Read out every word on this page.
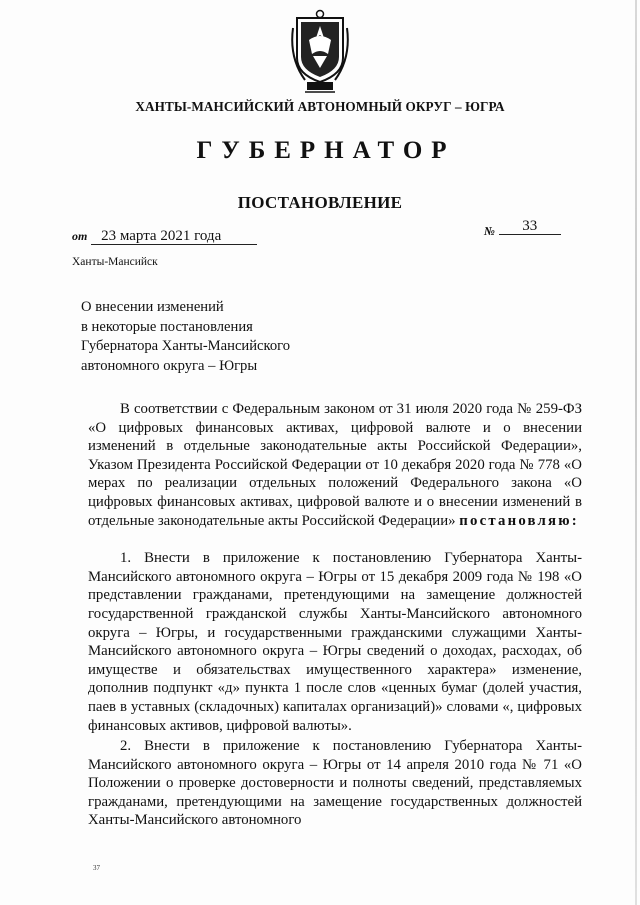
ХАНТЫ-МАНСИЙСКИЙ АВТОНОМНЫЙ ОКРУГ – ЮГРА
ГУБЕРНАТОР
ПОСТАНОВЛЕНИЕ
от 23 марта 2021 года	№ 33
Ханты-Мансийск
О внесении изменений
в некоторые постановления
Губернатора Ханты-Мансийского
автономного округа – Югры

В соответствии с Федеральным законом от 31 июля 2020 года № 259-ФЗ «О цифровых финансовых активах, цифровой валюте и о внесении изменений в отдельные законодательные акты Российской Федерации», Указом Президента Российской Федерации от 10 декабря 2020 года № 778 «О мерах по реализации отдельных положений Федерального закона «О цифровых финансовых активах, цифровой валюте и о внесении изменений в отдельные законодательные акты Российской Федерации» постановляю:

1. Внести в приложение к постановлению Губернатора Ханты-Мансийского автономного округа – Югры от 15 декабря 2009 года № 198 «О представлении гражданами, претендующими на замещение должностей государственной гражданской службы Ханты-Мансийского автономного округа – Югры, и государственными гражданскими служащими Ханты-Мансийского автономного округа – Югры сведений о доходах, расходах, об имуществе и обязательствах имущественного характера» изменение, дополнив подпункт «д» пункта 1 после слов «ценных бумаг (долей участия, паев в уставных (складочных) капиталах организаций)» словами «, цифровых финансовых активов, цифровой валюты».

2. Внести в приложение к постановлению Губернатора Ханты-Мансийского автономного округа – Югры от 14 апреля 2010 года № 71 «О Положении о проверке достоверности и полноты сведений, представляемых гражданами, претендующими на замещение государственных должностей Ханты-Мансийского автономного

37
